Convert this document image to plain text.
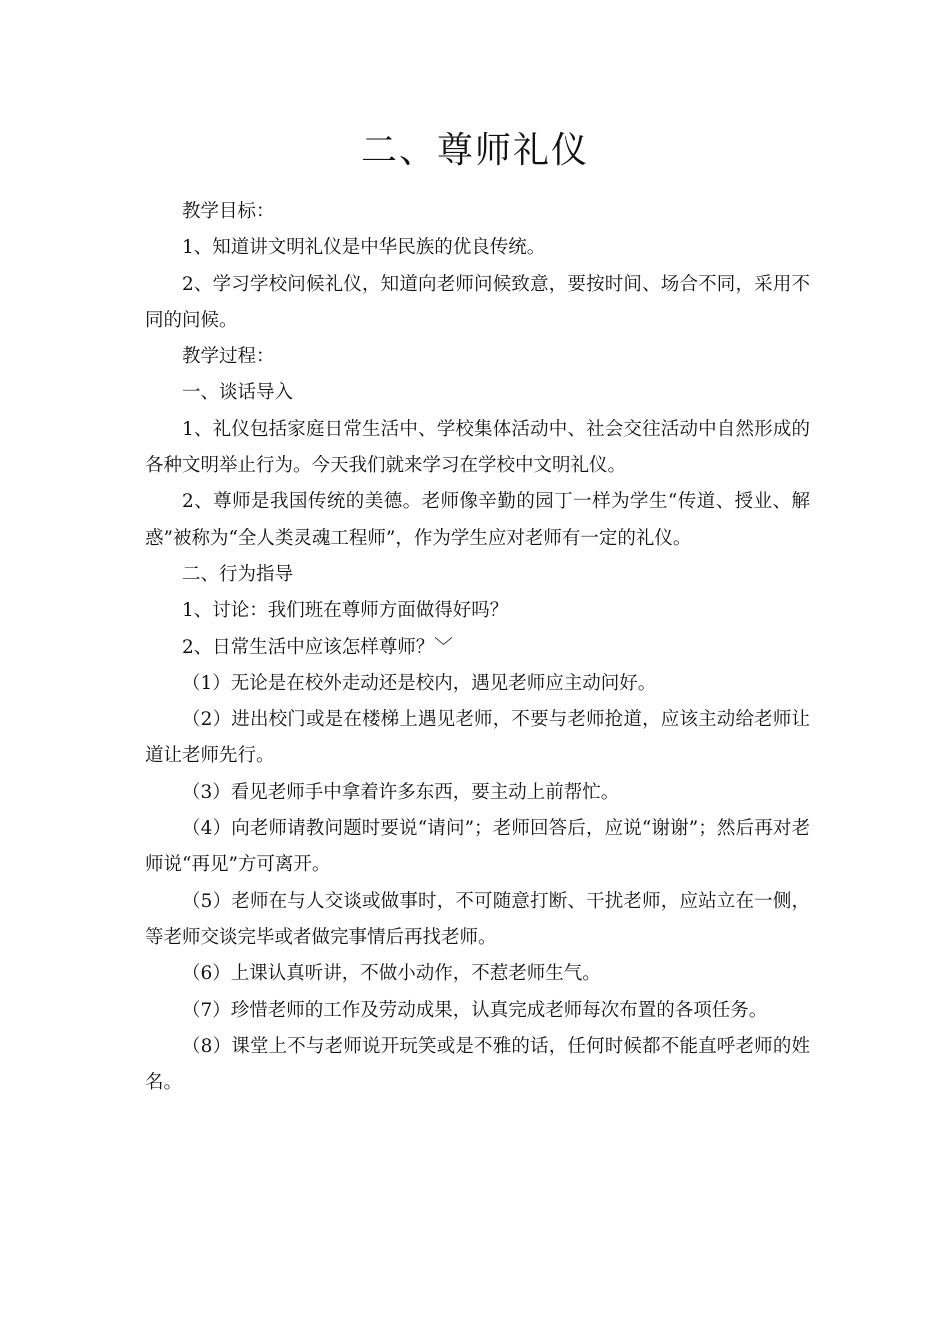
二、尊师礼仪

教学目标：

1、知道讲文明礼仪是中华民族的优良传统。

2、学习学校问候礼仪，知道向老师问候致意，要按时间、场合不同，采用不同的问候。

教学过程：

一、谈话导入

1、礼仪包括家庭日常生活中、学校集体活动中、社会交往活动中自然形成的各种文明举止行为。今天我们就来学习在学校中文明礼仪。

2、尊师是我国传统的美德。老师像辛勤的园丁一样为学生“传道、授业、解惑”被称为“全人类灵魂工程师”，作为学生应对老师有一定的礼仪。

二、行为指导

1、讨论：我们班在尊师方面做得好吗？

2、日常生活中应该怎样尊师？﹀

（1）无论是在校外走动还是校内，遇见老师应主动问好。

（2）进出校门或是在楼梯上遇见老师，不要与老师抢道，应该主动给老师让道让老师先行。

（3）看见老师手中拿着许多东西，要主动上前帮忙。

（4）向老师请教问题时要说“请问”；老师回答后，应说“谢谢”；然后再对老师说“再见”方可离开。

（5）老师在与人交谈或做事时，不可随意打断、干扰老师，应站立在一侧，等老师交谈完毕或者做完事情后再找老师。

（6）上课认真听讲，不做小动作，不惹老师生气。

（7）珍惜老师的工作及劳动成果，认真完成老师每次布置的各项任务。

（8）课堂上不与老师说开玩笑或是不雅的话，任何时候都不能直呼老师的姓名。
